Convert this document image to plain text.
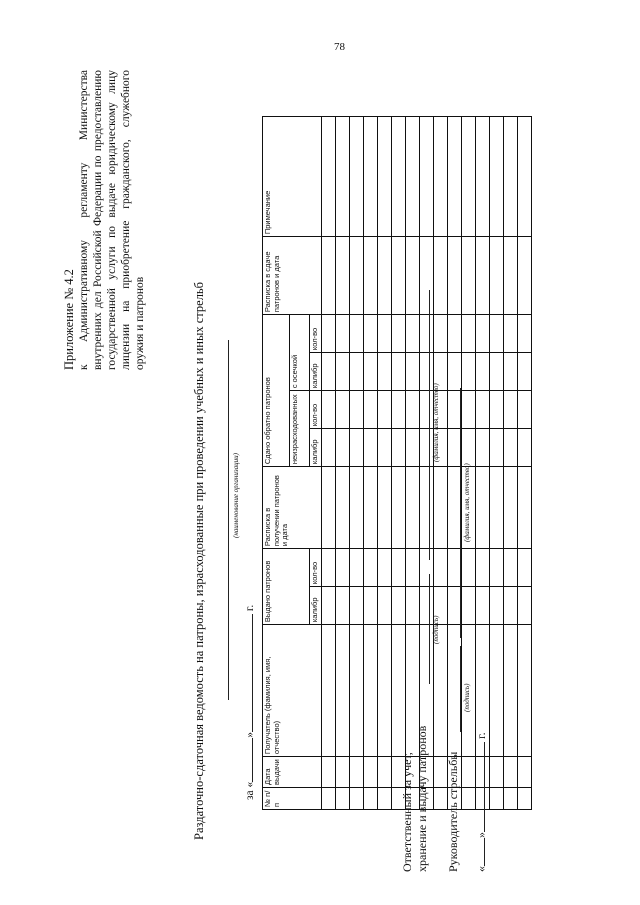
78
Приложение № 4.2 к Административному регламенту Министерства внутренних дел Российской Федерации по предоставлению государственной услуги по выдаче юридическому лицу лицензии на приобретение гражданского, служебного оружия и патронов	Раздаточно-сдаточная ведомость на патроны, израсходованные при проведении учебных и иных стрельб	(наименование организации)
за «» г.
№ п/п	Дата выдачи	Получатель (фамилия, имя, отчество)	Выдано патронов		Расписка в получении патронов и дата	Сдано обратно патронов				Расписка в сдаче патронов и дата	Примечание
						неизрасходованных		с осечкой			
			калибр	кол-во		калибр	кол-во	калибр	кол-во		

Ответственный за учет, хранение и выдачу патронов
(подпись)
(фамилия, имя, отчество)
Руководитель стрельбы
(подпись)
(фамилия, имя, отчество)
«» г.
